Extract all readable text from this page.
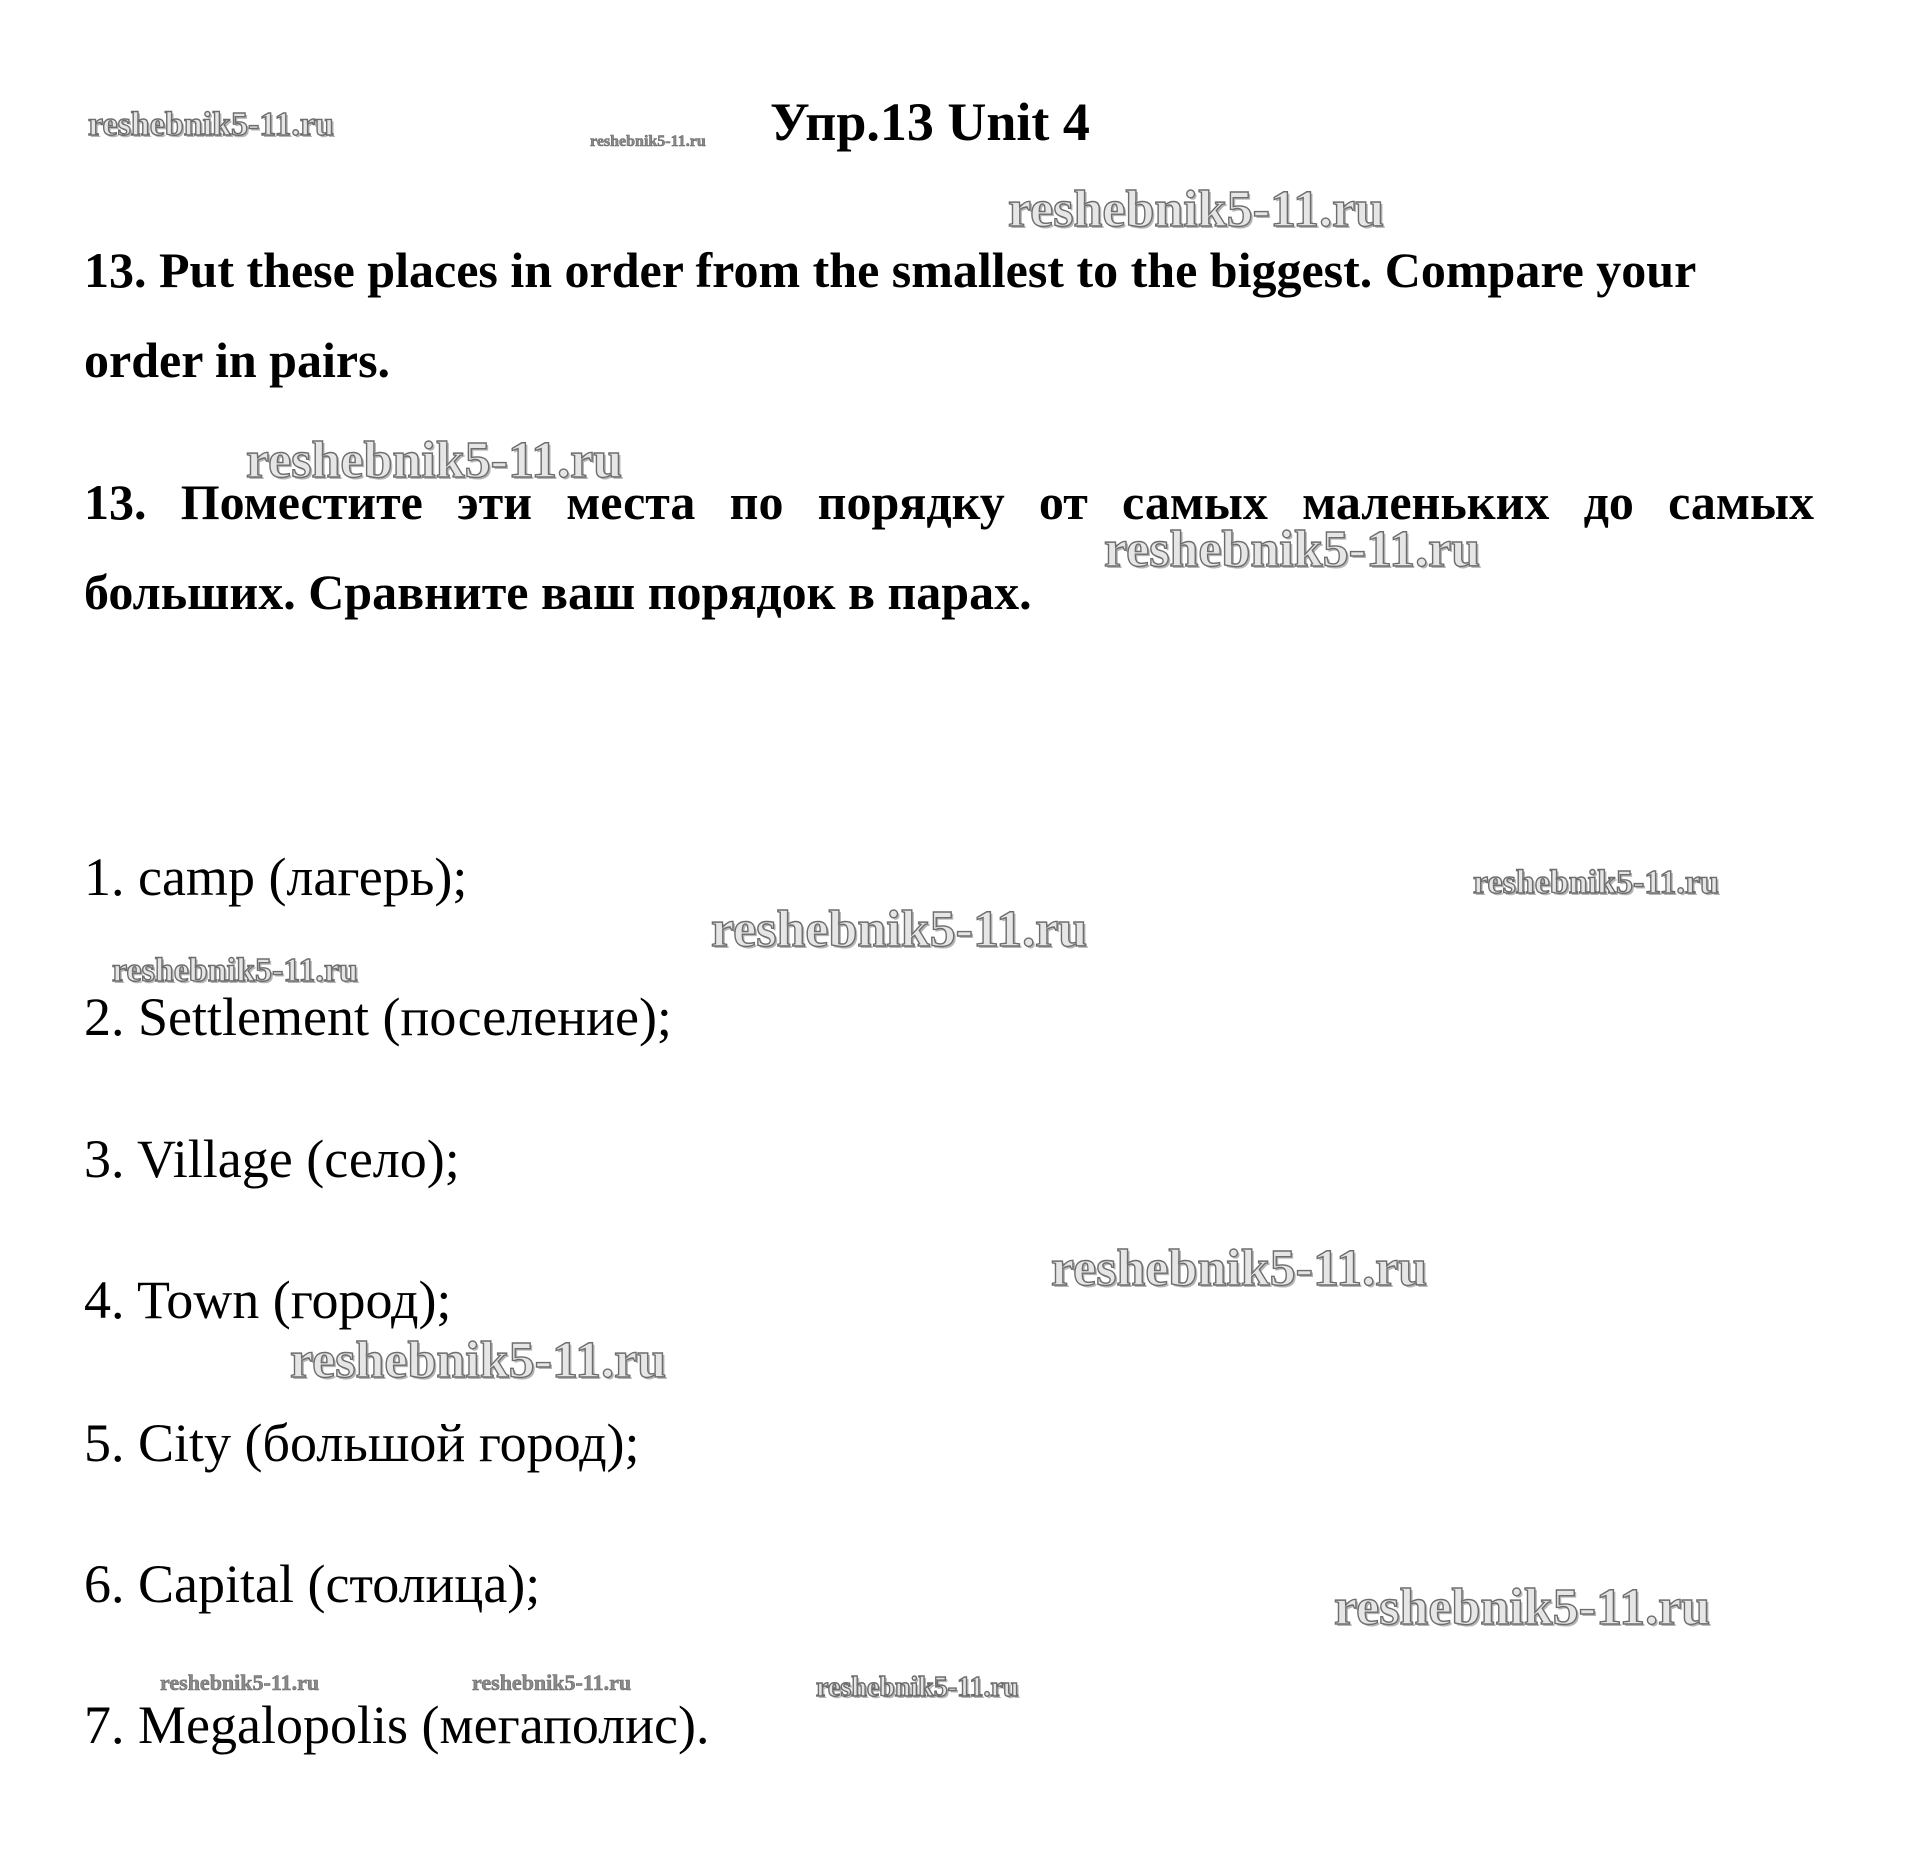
reshebnik5-11.ru	reshebnik5-11.ru
reshebnik5-11.ru
reshebnik5-11.ru
reshebnik5-11.ru
reshebnik5-11.ru
reshebnik5-11.ru
reshebnik5-11.ru
reshebnik5-11.ru
reshebnik5-11.ru
reshebnik5-11.ru
reshebnik5-11.ru	reshebnik5-11.ru	reshebnik5-11.ru
Упр.13 Unit 4

13. Put these places in order from the smallest to the biggest. Compare your order in pairs.

13. Поместите эти места по порядку от самых маленьких до самых больших. Сравните ваш порядок в парах.

1. camp (лагерь);

2. Settlement (поселение);

3. Village (село);

4. Town (город);

5. City (большой город);

6. Capital (столица);

7. Megalopolis (мегаполис).
